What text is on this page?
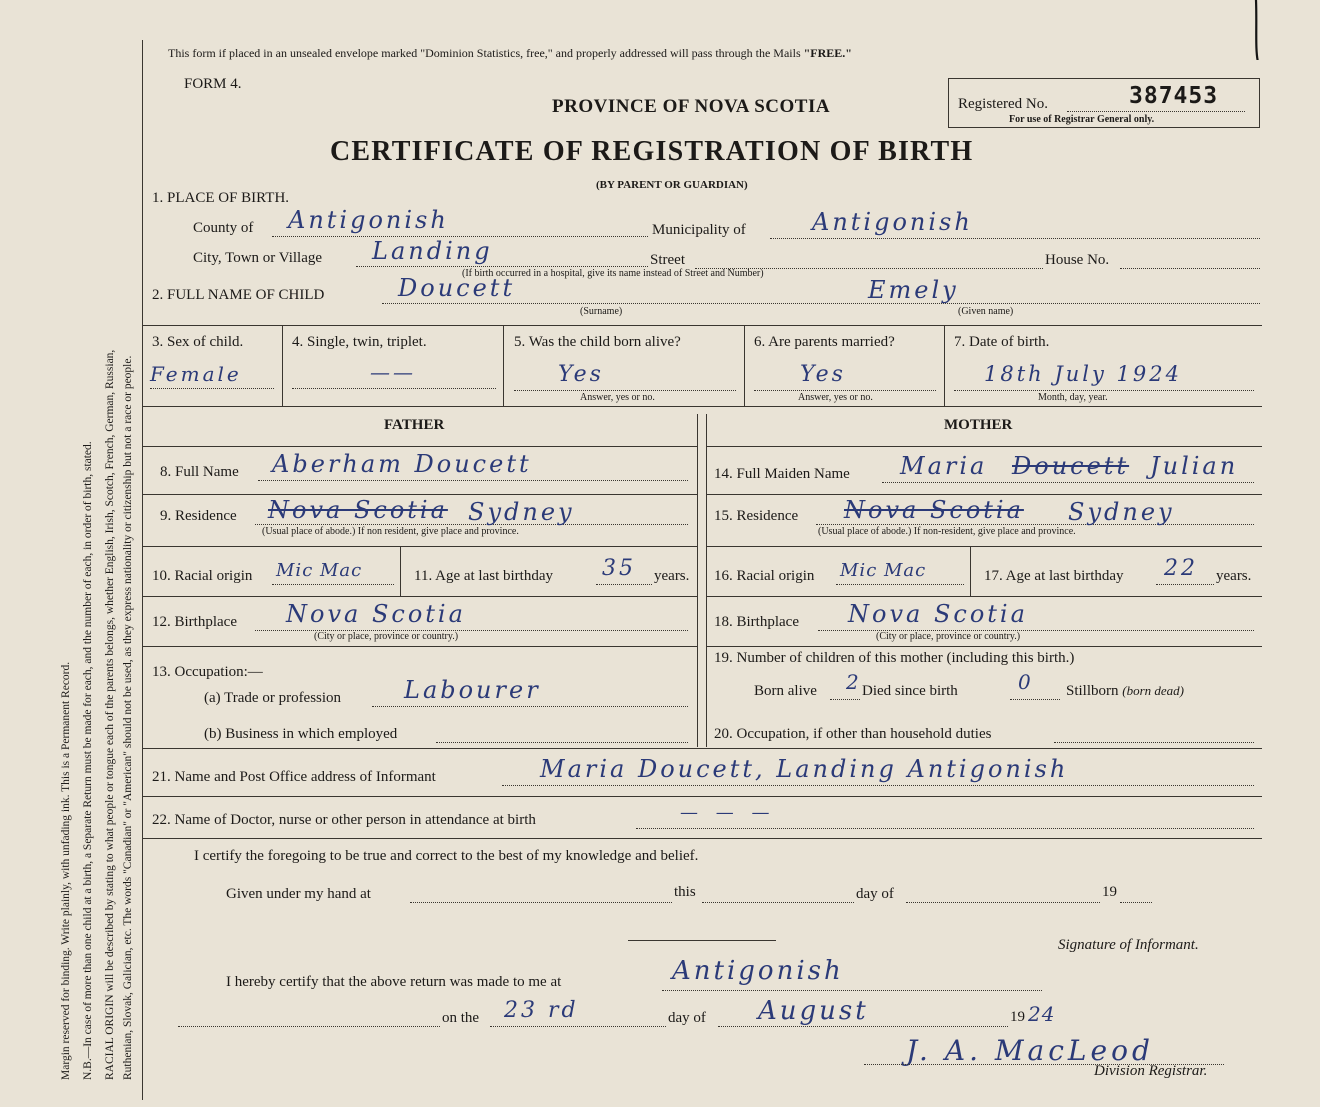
Margin reserved for binding. Write plainly, with unfading ink. This is a Permanent Record. N.B.—In case of more than one child at a birth, a Separate Return must be made for each, and the number of each, in order of birth, stated. RACIAL ORIGIN will be described by stating to what people or tongue each of the parents belongs, whether English, Irish, Scotch, French, German, Russian, Ruthenian, Slovak, Galician, etc. The words "Canadian" or "American" should not be used, as they express nationality or citizenship but not a race or people.
This form if placed in an unsealed envelope marked "Dominion Statistics, free," and properly addressed will pass through the Mails "FREE."
FORM 4.
PROVINCE OF NOVA SCOTIA	Registered No.	387453
For use of Registrar General only.
CERTIFICATE OF REGISTRATION OF BIRTH
(BY PARENT OR GUARDIAN)
1. PLACE OF BIRTH.
County of Antigonish	Municipality of	Antigonish
City, Town or Village Landing	Street	House No.
(If birth occurred in a hospital, give its name instead of Street and Number)
2. FULL NAME OF CHILD	Doucett	Emely
(Surname)	(Given name)
3. Sex of child.
Female
4. Single, twin, triplet.
——
5. Was the child born alive?
Yes
Answer, yes or no.
6. Are parents married?
Yes
Answer, yes or no.
7. Date of birth.
18th July 1924
Month, day, year.
FATHER	MOTHER
8. Full Name Aberham Doucett
9. Residence Nova Scotia Sydney
(Usual place of abode.) If non resident, give place and province.
10. Racial origin Mic Mac	11. Age at last birthday 35 years.
12. Birthplace Nova Scotia
(City or place, province or country.)
13. Occupation:—
(a) Trade or profession	Labourer
(b) Business in which employed
14. Full Maiden Name Maria Doucett Julian
15. Residence Nova Scotia Sydney
(Usual place of abode.) If non-resident, give place and province.
16. Racial origin Mic Mac	17. Age at last birthday 22 years.
18. Birthplace Nova Scotia
(City or place, province or country.)
19. Number of children of this mother (including this birth.)
Born alive 2 Died since birth	0 Stillborn (born dead)
20. Occupation, if other than household duties
21. Name and Post Office address of Informant	Maria Doucett, Landing Antigonish
22. Name of Doctor, nurse or other person in attendance at birth	— — —
I certify the foregoing to be true and correct to the best of my knowledge and belief.
Given under my hand at	this	day of	19
Signature of Informant.
I hereby certify that the above return was made to me at	Antigonish
on the 23 rd	day of August	19 24
J. A. MacLeod
Division Registrar.
